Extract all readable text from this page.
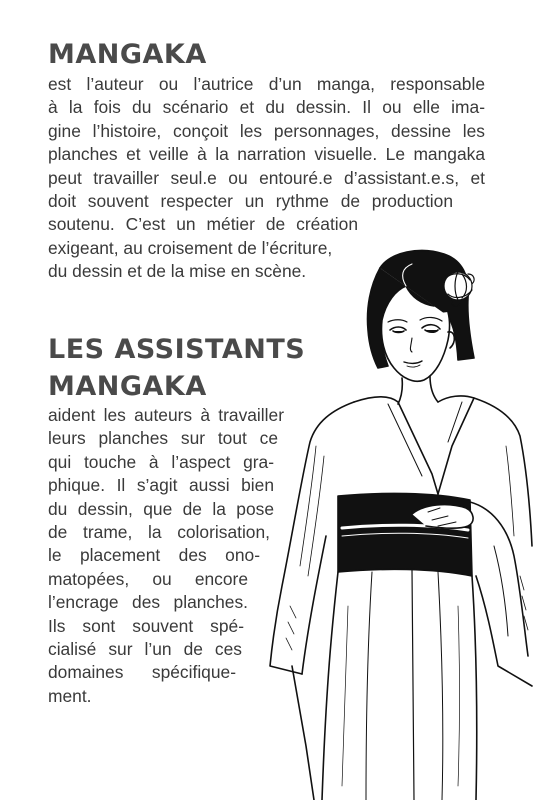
MANGAKA
est l’auteur ou l’autrice d’un manga, responsable
à la fois du scénario et du dessin. Il ou elle ima-
gine l’histoire, conçoit les personnages, dessine les
planches et veille à la narration visuelle. Le mangaka
peut travailler seul.e ou entouré.e d’assistant.e.s, et
doit souvent respecter un rythme de production
soutenu. C’est un métier de création
exigeant, au croisement de l’écriture,
du dessin et de la mise en scène.
LES ASSISTANTS
MANGAKA
aident les auteurs à travailler
leurs planches sur tout ce
qui touche à l’aspect gra-
phique. Il s’agit aussi bien
du dessin, que de la pose
de trame, la colorisation,
le placement des ono-
matopées, ou encore
l’encrage des planches.
Ils sont souvent spé-
cialisé sur l’un de ces
domaines spécifique-
ment.
